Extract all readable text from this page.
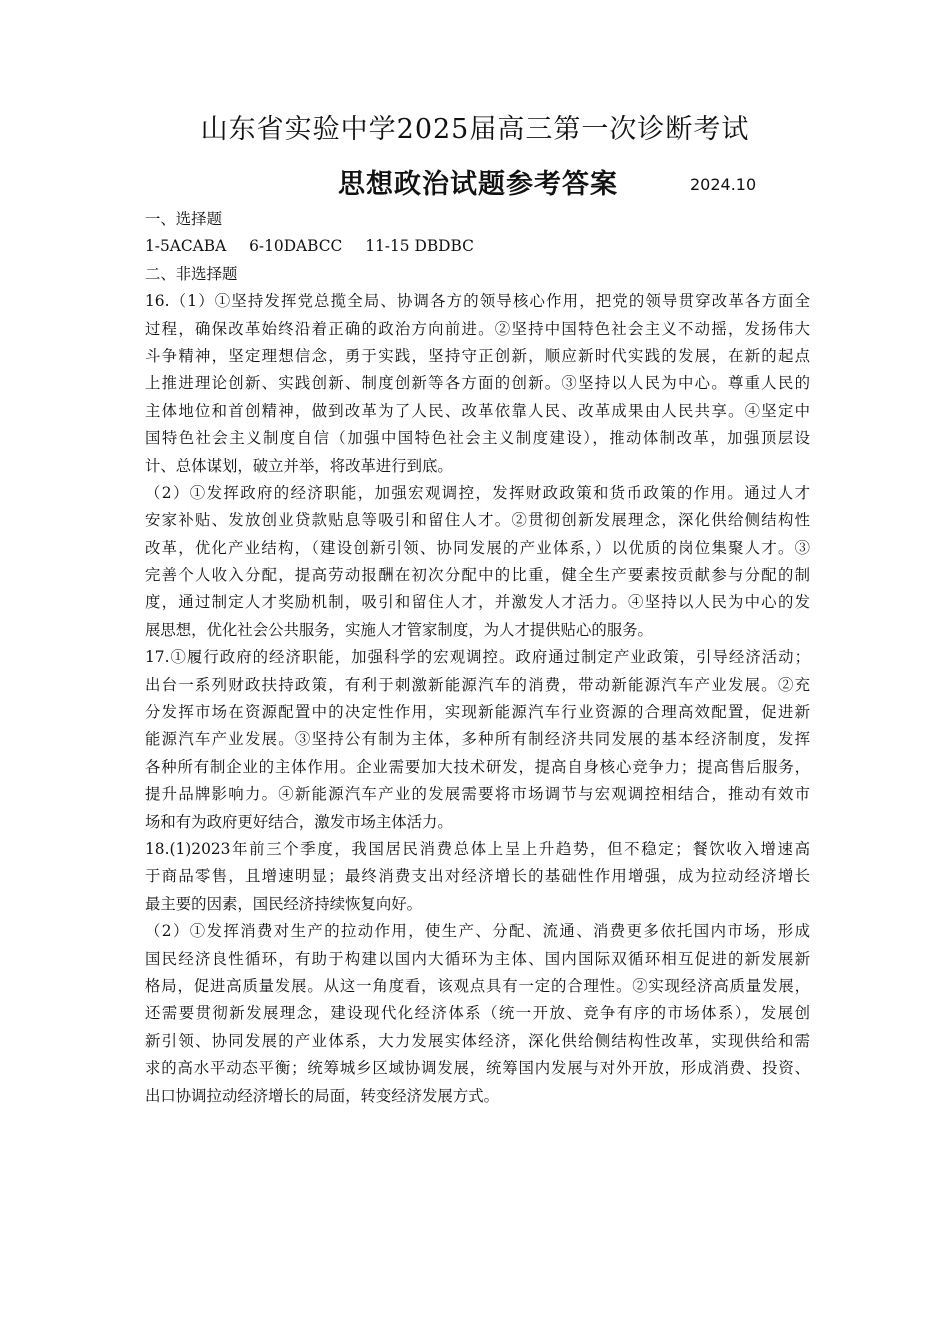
山东省实验中学2025届高三第一次诊断考试
思想政治试题参考答案	2024.10
一、选择题
1-5ACABA 6-10DABCC 11-15 DBDBC
二、非选择题
16.（1）①坚持发挥党总揽全局、协调各方的领导核心作用，把党的领导贯穿改革各方面全
过程，确保改革始终沿着正确的政治方向前进。②坚持中国特色社会主义不动摇，发扬伟大
斗争精神，坚定理想信念，勇于实践，坚持守正创新，顺应新时代实践的发展，在新的起点
上推进理论创新、实践创新、制度创新等各方面的创新。③坚持以人民为中心。尊重人民的
主体地位和首创精神，做到改革为了人民、改革依靠人民、改革成果由人民共享。④坚定中
国特色社会主义制度自信（加强中国特色社会主义制度建设），推动体制改革，加强顶层设
计、总体谋划，破立并举，将改革进行到底。
（2）①发挥政府的经济职能，加强宏观调控，发挥财政政策和货币政策的作用。通过人才
安家补贴、发放创业贷款贴息等吸引和留住人才。②贯彻创新发展理念，深化供给侧结构性
改革，优化产业结构，（建设创新引领、协同发展的产业体系，）以优质的岗位集聚人才。③
完善个人收入分配，提高劳动报酬在初次分配中的比重，健全生产要素按贡献参与分配的制
度，通过制定人才奖励机制，吸引和留住人才，并激发人才活力。④坚持以人民为中心的发
展思想，优化社会公共服务，实施人才管家制度，为人才提供贴心的服务。
17.①履行政府的经济职能，加强科学的宏观调控。政府通过制定产业政策，引导经济活动；
出台一系列财政扶持政策，有利于刺激新能源汽车的消费，带动新能源汽车产业发展。②充
分发挥市场在资源配置中的决定性作用，实现新能源汽车行业资源的合理高效配置，促进新
能源汽车产业发展。③坚持公有制为主体，多种所有制经济共同发展的基本经济制度，发挥
各种所有制企业的主体作用。企业需要加大技术研发，提高自身核心竞争力；提高售后服务，
提升品牌影响力。④新能源汽车产业的发展需要将市场调节与宏观调控相结合，推动有效市
场和有为政府更好结合，激发市场主体活力。
18.(1)2023年前三个季度，我国居民消费总体上呈上升趋势，但不稳定；餐饮收入增速高
于商品零售，且增速明显；最终消费支出对经济增长的基础性作用增强，成为拉动经济增长
最主要的因素，国民经济持续恢复向好。
（2）①发挥消费对生产的拉动作用，使生产、分配、流通、消费更多依托国内市场，形成
国民经济良性循环，有助于构建以国内大循环为主体、国内国际双循环相互促进的新发展新
格局，促进高质量发展。从这一角度看，该观点具有一定的合理性。②实现经济高质量发展，
还需要贯彻新发展理念，建设现代化经济体系（统一开放、竞争有序的市场体系），发展创
新引领、协同发展的产业体系，大力发展实体经济，深化供给侧结构性改革，实现供给和需
求的高水平动态平衡；统筹城乡区域协调发展，统筹国内发展与对外开放，形成消费、投资、
出口协调拉动经济增长的局面，转变经济发展方式。
